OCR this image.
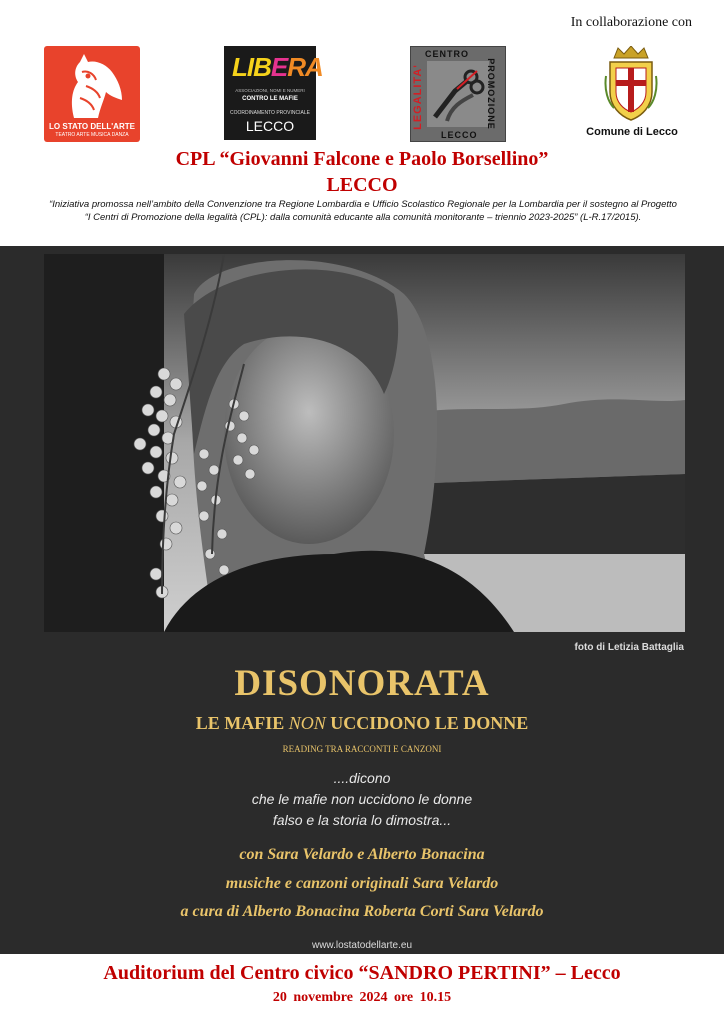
In collaborazione con
LO STATO DELL'ARTE
TEATRO ARTE MUSICA DANZA
LIBERA
ASSOCIAZIONI, NOMI E NUMERI
CONTRO LE MAFIE
COORDINAMENTO PROVINCIALE
LECCO
CENTRO
PROMOZIONE
LEGALITA'
LECCO	Comune di Lecco
CPL “Giovanni Falcone e Paolo Borsellino”
LECCO
“Iniziativa promossa nell’ambito della Convenzione tra Regione Lombardia e Ufficio Scolastico Regionale per la Lombardia per il sostegno al Progetto “I Centri di Promozione della legalità (CPL): dalla comunità educante alla comunità monitorante – triennio 2023-2025” (L-R.17/2015).
foto di Letizia Battaglia
DISONORATA
LE MAFIE NON UCCIDONO LE DONNE
READING TRA RACCONTI E CANZONI
....dicono
che le mafie non uccidono le donne
falso e la storia lo dimostra...
con Sara Velardo e Alberto Bonacina
musiche e canzoni originali Sara Velardo
a cura di Alberto Bonacina Roberta Corti Sara Velardo
www.lostatodellarte.eu
Auditorium del Centro civico “SANDRO PERTINI” – Lecco
20 novembre 2024 ore 10.15
